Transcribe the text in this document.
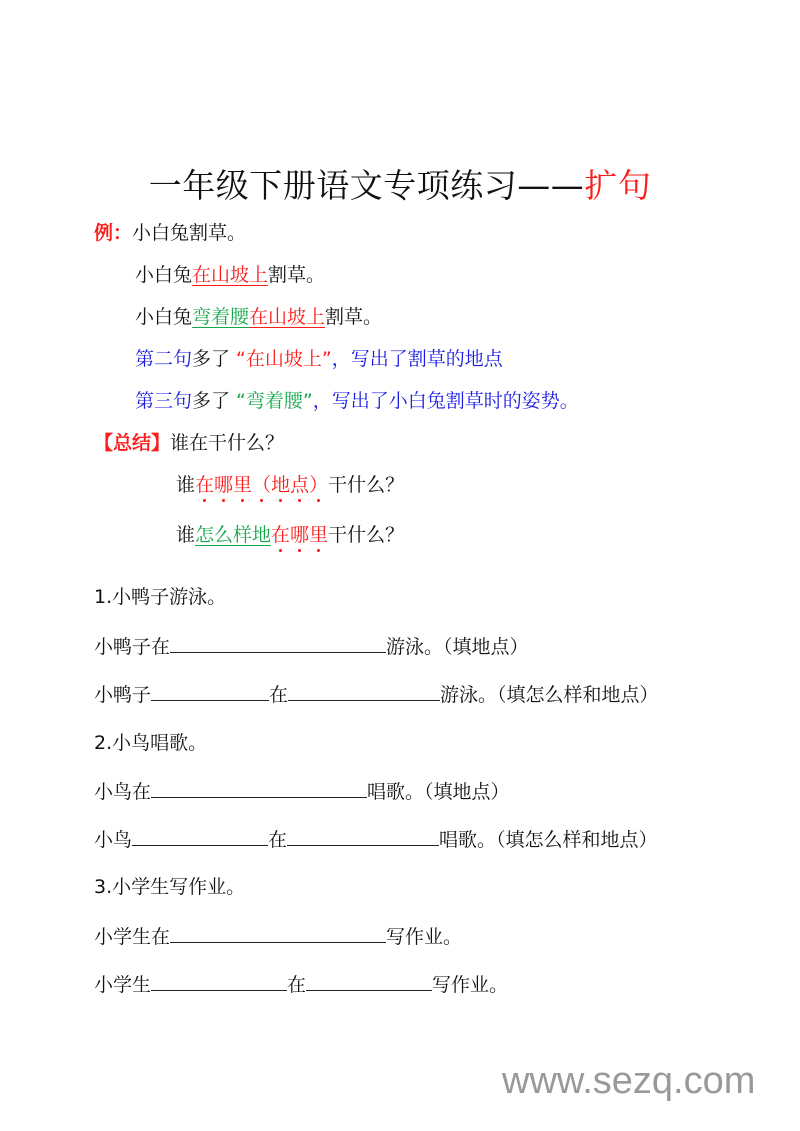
一年级下册语文专项练习——扩句
例：小白兔割草。
小白兔在山坡上割草。
小白兔弯着腰在山坡上割草。
第二句多了 “在山坡上”，写出了割草的地点
第三句多了 “弯着腰”，写出了小白兔割草时的姿势。
【总结】谁在干什么？
谁在哪里（地点）干什么？
谁怎么样地在哪里干什么？
1.小鸭子游泳。
小鸭子在	游泳。（填地点）
小鸭子	在	游泳。（填怎么样和地点）
2.小鸟唱歌。
小鸟在	唱歌。（填地点）
小鸟	在	唱歌。（填怎么样和地点）
3.小学生写作业。
小学生在	写作业。
小学生	在	写作业。
www.sezq.com
